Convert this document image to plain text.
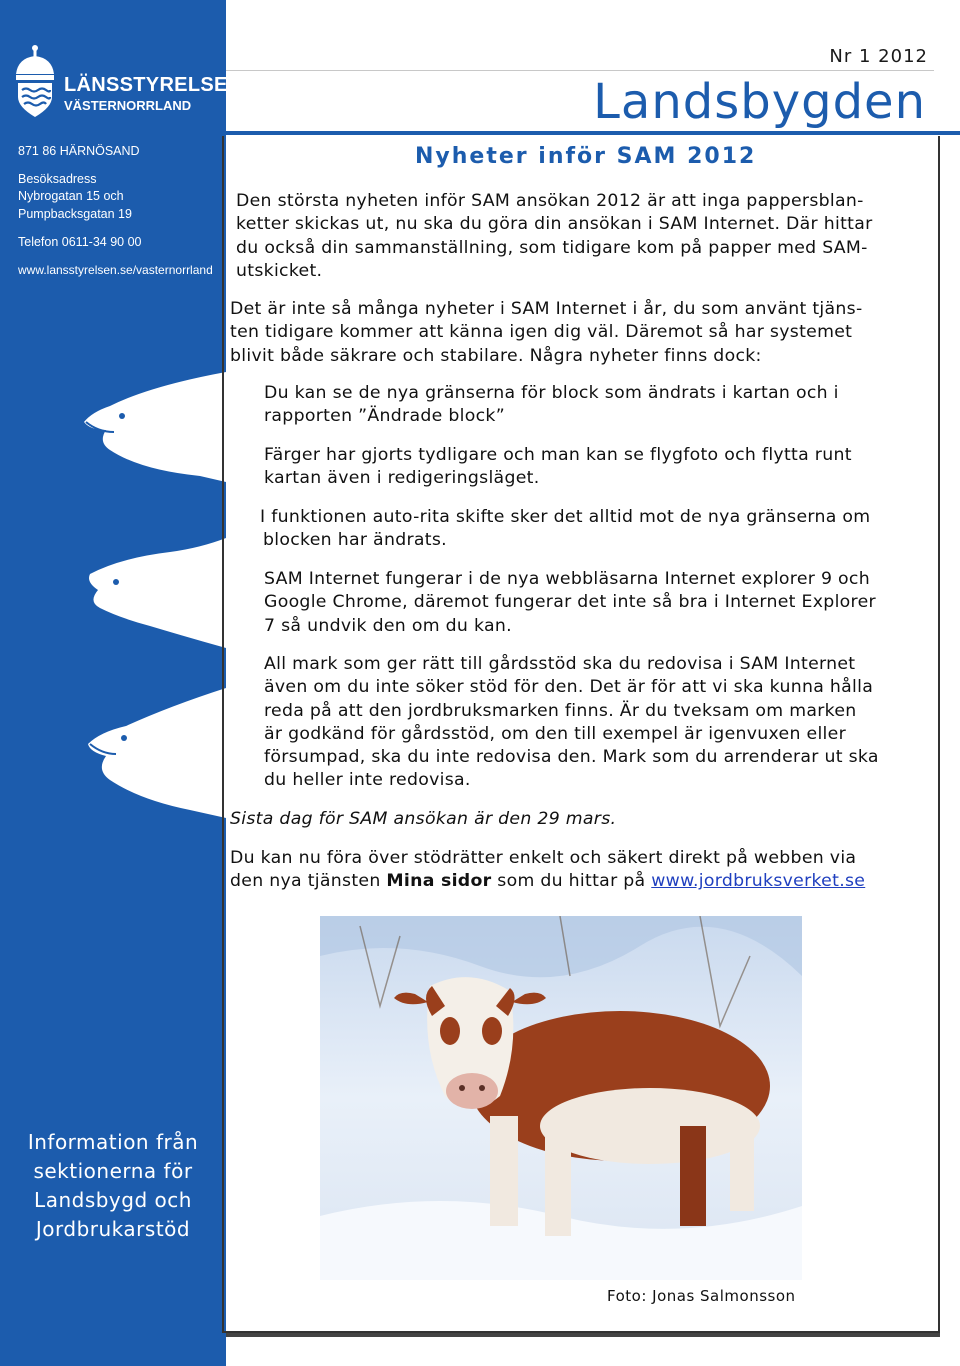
LÄNSSTYRELSEN
VÄSTERNORRLAND
871 86 HÄRNÖSAND
Besöksadress
Nybrogatan 15 och
Pumpbacksgatan 19
Telefon 0611-34 90 00
www.lansstyrelsen.se/vasternorrland
Information från
sektionerna för
Landsbygd och
Jordbrukarstöd
Nr 1 2012
Landsbygden
Nyheter inför SAM 2012
Den största nyheten inför SAM ansökan 2012 är att inga pappersblan-
ketter skickas ut, nu ska du göra din ansökan i SAM Internet. Där hittar
du också din sammanställning, som tidigare kom på papper med SAM-
utskicket.
Det är inte så många nyheter i SAM Internet i år, du som använt tjäns-
ten tidigare kommer att känna igen dig väl. Däremot så har systemet
blivit både säkrare och stabilare. Några nyheter finns dock:
Du kan se de nya gränserna för block som ändrats i kartan och i
rapporten ”Ändrade block”
Färger har gjorts tydligare och man kan se flygfoto och flytta runt
kartan även i redigeringsläget.
I funktionen auto-rita skifte sker det alltid mot de nya gränserna om
blocken har ändrats.
SAM Internet fungerar i de nya webbläsarna Internet explorer 9 och
Google Chrome, däremot fungerar det inte så bra i Internet Explorer
7 så undvik den om du kan.
All mark som ger rätt till gårdsstöd ska du redovisa i SAM Internet
även om du inte söker stöd för den. Det är för att vi ska kunna hålla
reda på att den jordbruksmarken finns. Är du tveksam om marken
är godkänd för gårdsstöd, om den till exempel är igenvuxen eller
försumpad, ska du inte redovisa den. Mark som du arrenderar ut ska
du heller inte redovisa.
Sista dag för SAM ansökan är den 29 mars.
Du kan nu föra över stödrätter enkelt och säkert direkt på webben via
den nya tjänsten Mina sidor som du hittar på www.jordbruksverket.se
Foto: Jonas Salmonsson
